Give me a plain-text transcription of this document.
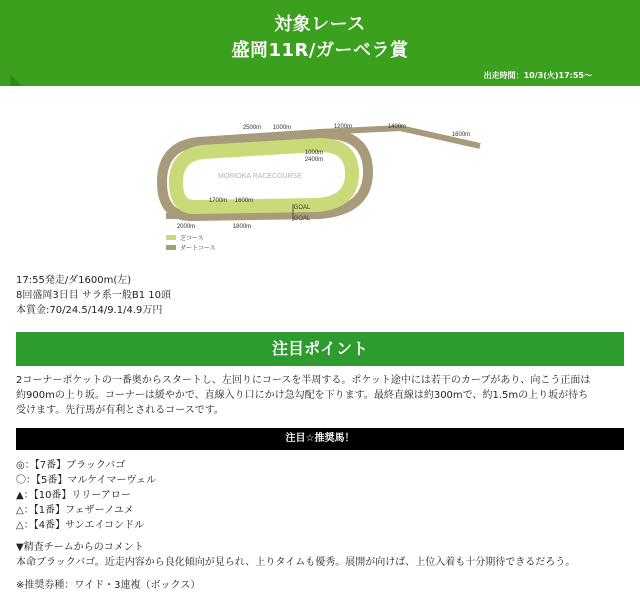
対象レース
盛岡11R/ガーベラ賞
出走時間：10/3(火)17:55〜
MORIOKA RACECOURSE
2500m 1000m	1200m	1400m
1600m
1000m
2400m
1700m 1600m
2000m	1800m
GOAL
GOAL
芝コース
ダートコース
17:55発走/ダ1600m(左)
8回盛岡3日目 サラ系一般B1 10頭
本賞金:70/24.5/14/9.1/4.9万円
注目ポイント
2コーナーポケットの一番奥からスタートし、左回りにコースを半周する。ポケット途中には若干のカーブがあり、向こう正面は
約900mの上り坂。コーナーは緩やかで、直線入り口にかけ急勾配を下ります。最終直線は約300mで、約1.5mの上り坂が待ち
受けます。先行馬が有利とされるコースです。
注目☆推奨馬！
◎：【7番】ブラックバゴ
〇：【5番】マルケイマーヴェル
▲：【10番】リリーアロー
△：【1番】フェザーノユメ
△：【4番】サンエイコンドル
▼精査チームからのコメント
本命ブラックバゴ。近走内容から良化傾向が見られ、上りタイムも優秀。展開が向けば、上位入着も十分期待できるだろう。
※推奨券種：ワイド・3連複（ボックス）
